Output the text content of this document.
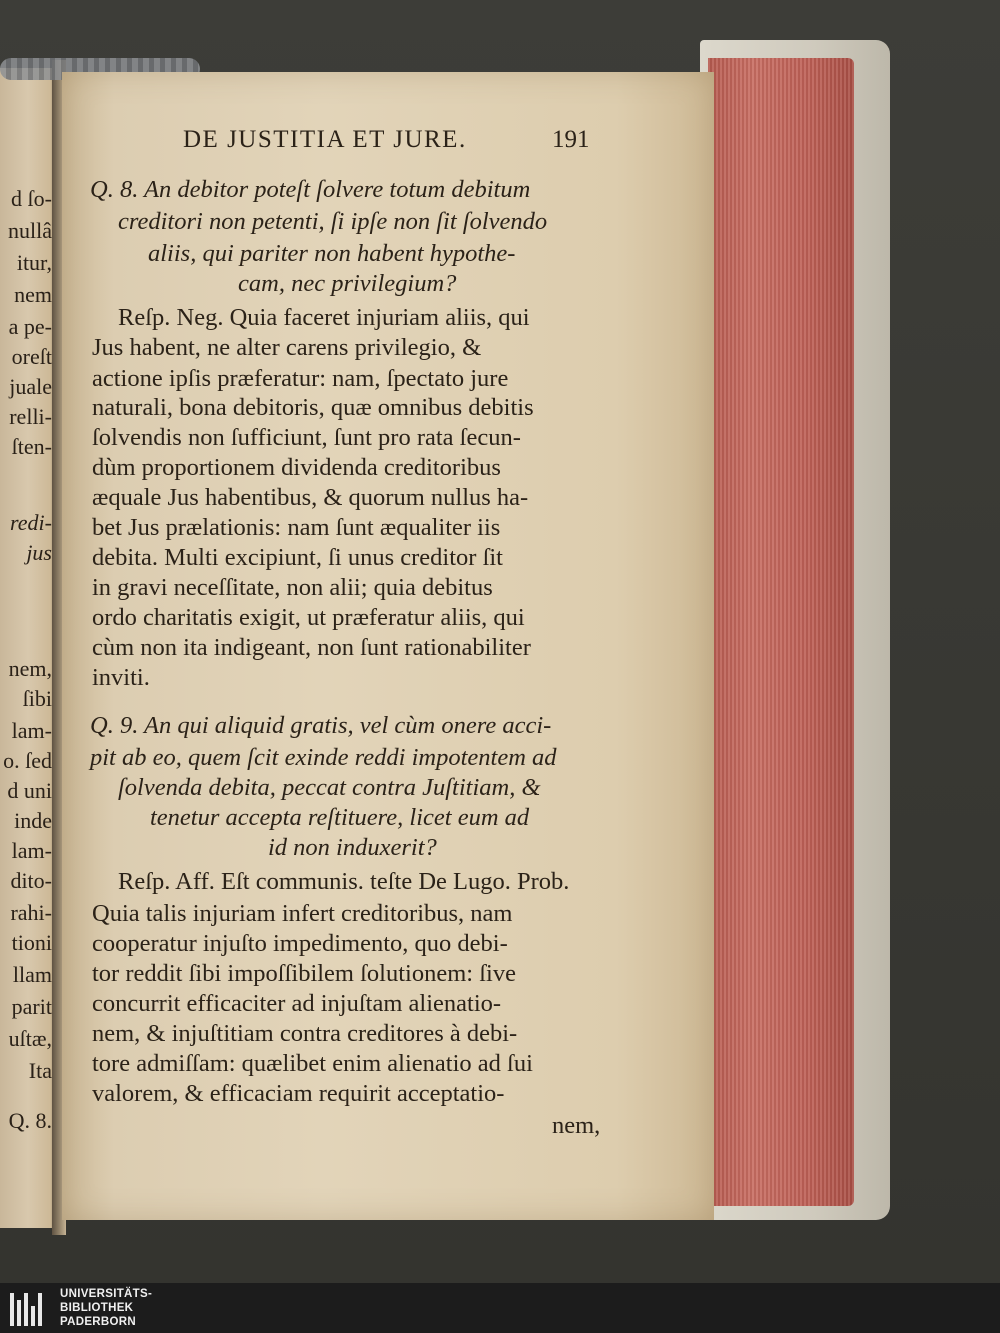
d ſo-
nullâ
itur,
nem
a pe-
oreſt
juale
relli-
ſten-
redi-
jus
nem,
ſibi
lam-
o. ſed
d uni
inde
lam-
dito-
rahi-
tioni
llam
parit
uſtæ,
Ita
Q. 8.
DE JUSTITIA ET JURE.	191
Q. 8. An debitor poteſt ſolvere totum debitum
creditori non petenti, ſi ipſe non ſit ſolvendo
aliis, qui pariter non habent hypothe-
cam, nec privilegium?
Reſp. Neg. Quia faceret injuriam aliis, qui
Jus habent, ne alter carens privilegio, &
actione ipſis præferatur: nam, ſpectato jure
naturali, bona debitoris, quæ omnibus debitis
ſolvendis non ſufficiunt, ſunt pro rata ſecun-
dùm proportionem dividenda creditoribus
æquale Jus habentibus, & quorum nullus ha-
bet Jus prælationis: nam ſunt æqualiter iis
debita. Multi excipiunt, ſi unus creditor ſit
in gravi neceſſitate, non alii; quia debitus
ordo charitatis exigit, ut præferatur aliis, qui
cùm non ita indigeant, non ſunt rationabiliter
inviti.
Q. 9. An qui aliquid gratis, vel cùm onere acci-
pit ab eo, quem ſcit exinde reddi impotentem ad
ſolvenda debita, peccat contra Juſtitiam, &
tenetur accepta reſtituere, licet eum ad
id non induxerit?
Reſp. Aff. Eſt communis. teſte De Lugo. Prob.
Quia talis injuriam infert creditoribus, nam
cooperatur injuſto impedimento, quo debi-
tor reddit ſibi impoſſibilem ſolutionem: ſive
concurrit efficaciter ad injuſtam alienatio-
nem, & injuſtitiam contra creditores à debi-
tore admiſſam: quælibet enim alienatio ad ſui
valorem, & efficaciam requirit acceptatio-
nem,
UNIVERSITÄTS-
BIBLIOTHEK
PADERBORN
